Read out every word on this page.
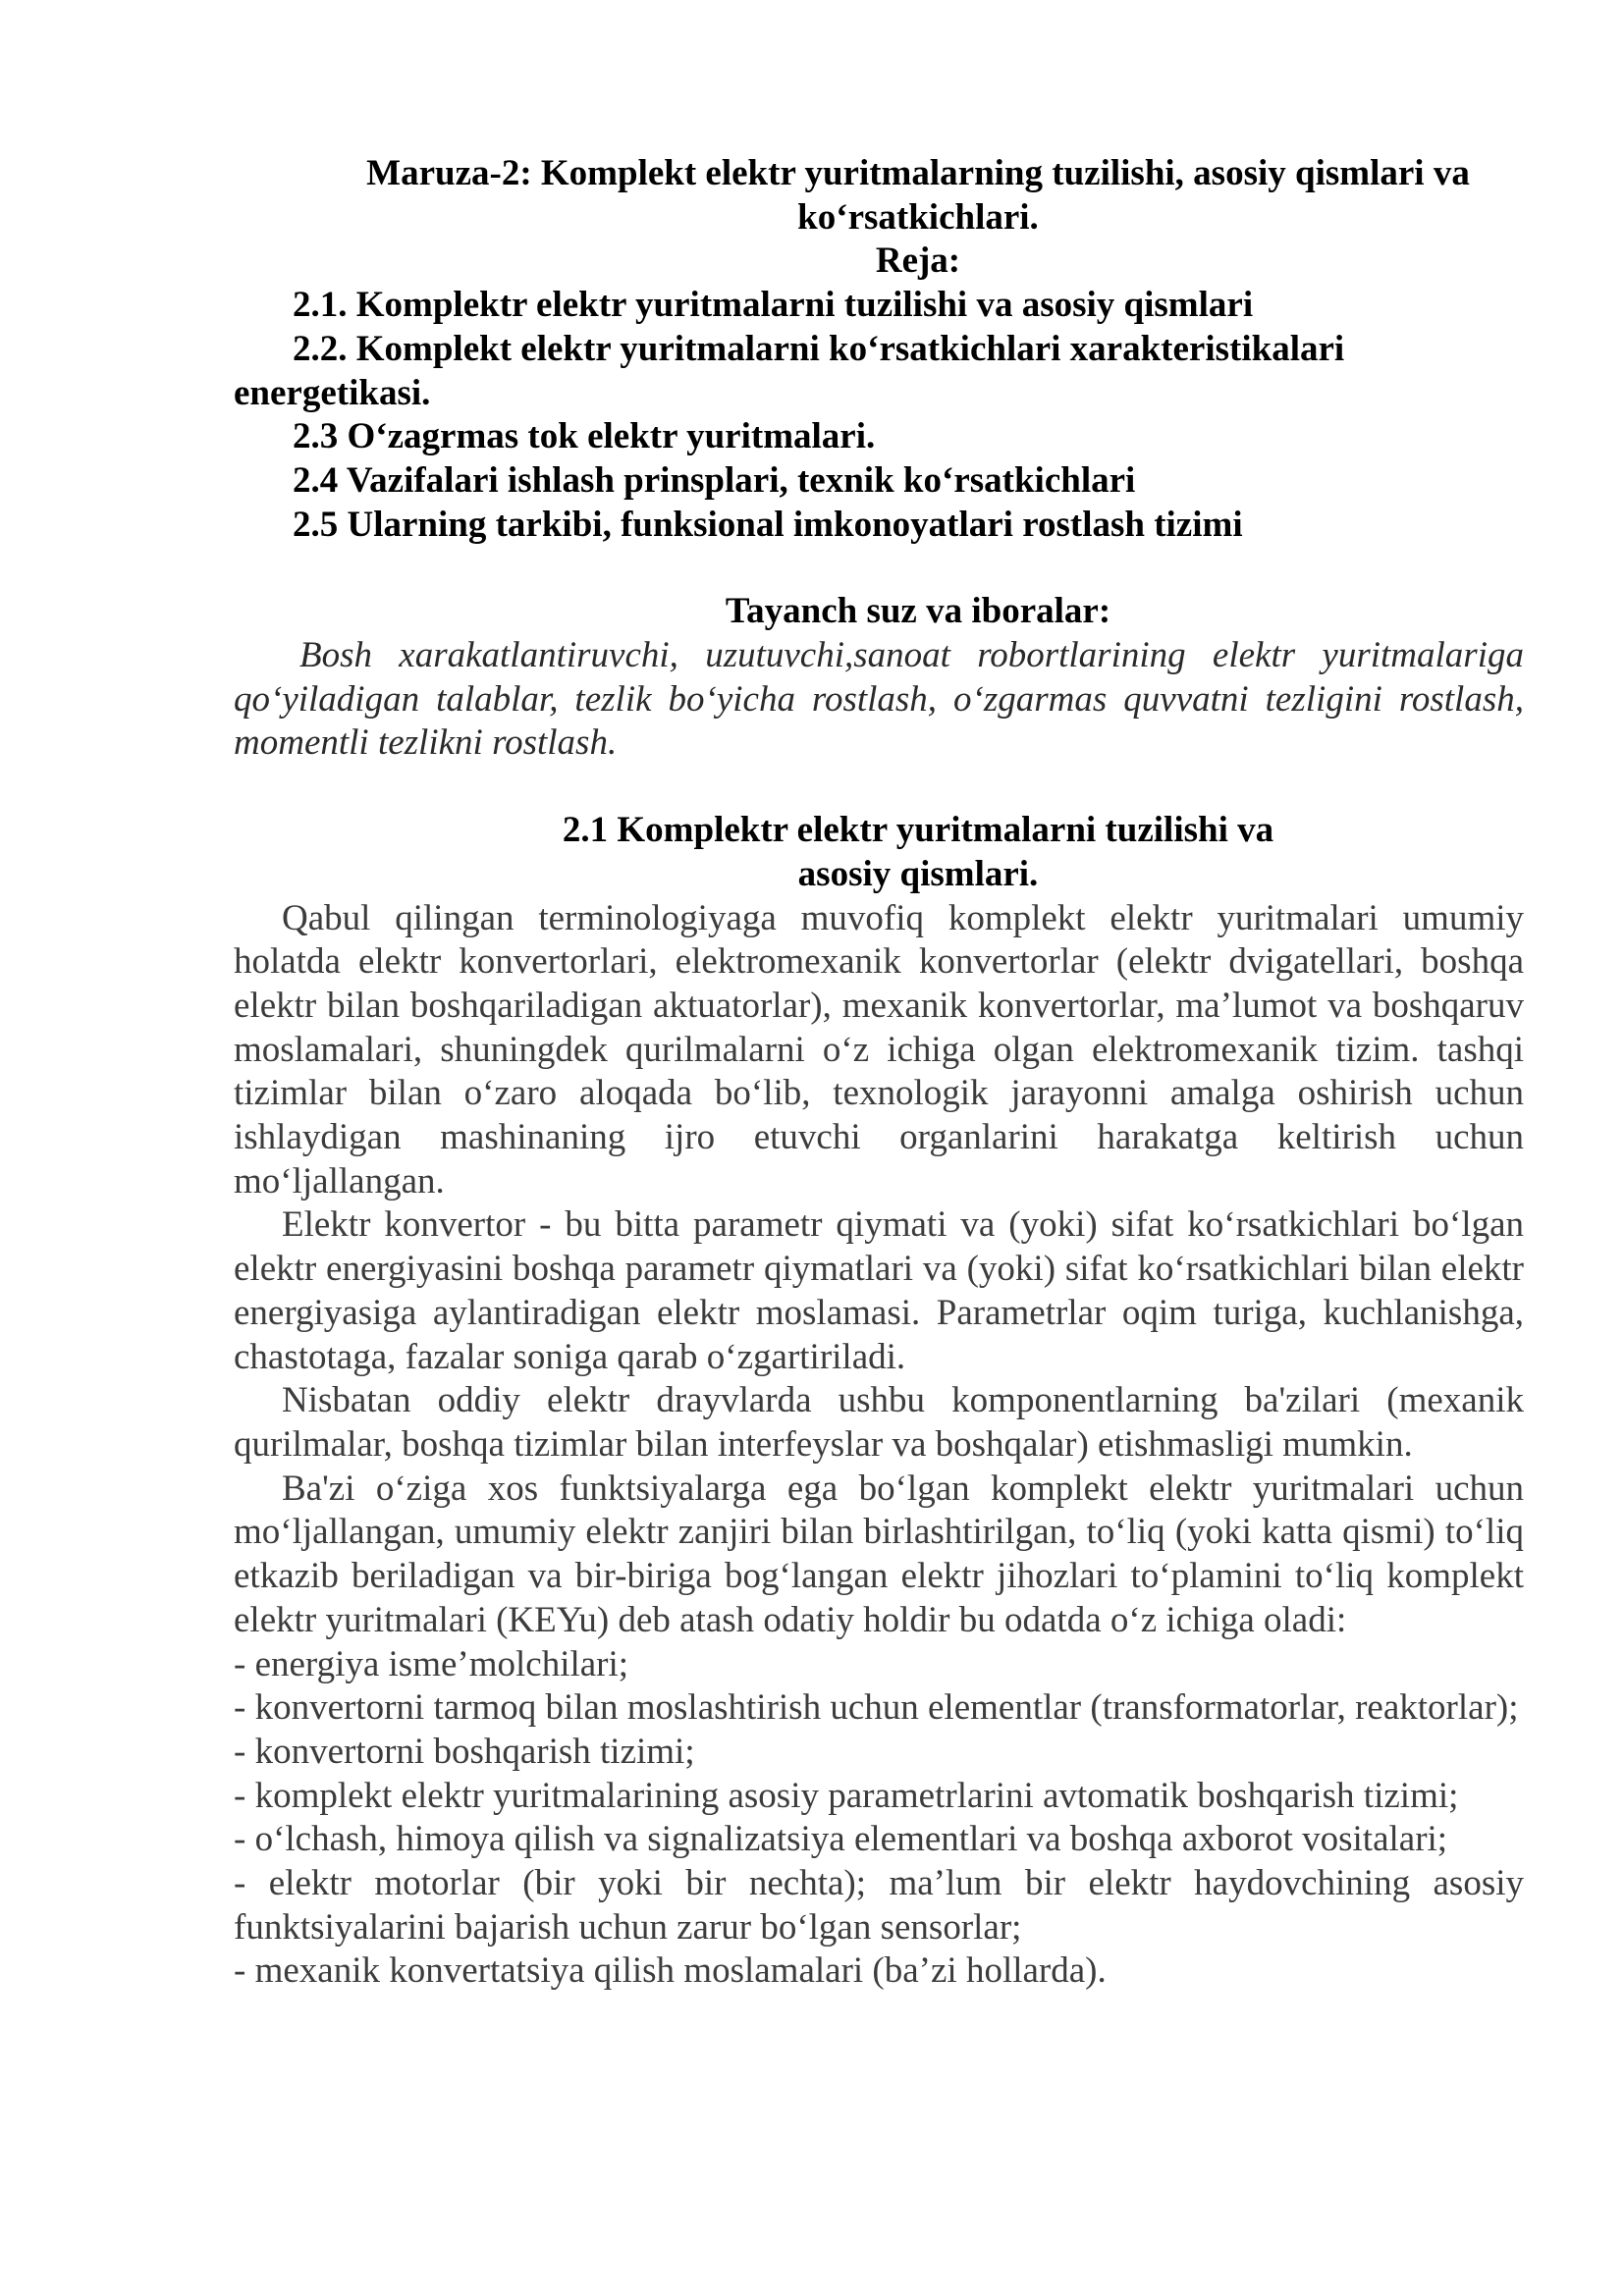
Maruza-2: Komplekt elektr yuritmalarning tuzilishi, asosiy qismlari va

ko‘rsatkichlari.

Reja:

2.1. Komplektr elektr yuritmalarni tuzilishi va asosiy qismlari

2.2. Komplekt elektr yuritmalarni ko‘rsatkichlari xarakteristikalari energetikasi.

2.3 O‘zagrmas tok elektr yuritmalari.

2.4 Vazifalari ishlash prinsplari, texnik ko‘rsatkichlari

2.5 Ularning tarkibi, funksional imkonoyatlari rostlash tizimi

Tayanch suz va iboralar:

Bosh xarakatlantiruvchi, uzutuvchi,sanoat robortlarining elektr yuritmalariga qo‘yiladigan talablar, tezlik bo‘yicha rostlash, o‘zgarmas quvvatni tezligini rostlash, momentli tezlikni rostlash.

2.1 Komplektr elektr yuritmalarni tuzilishi va

asosiy qismlari.

Qabul qilingan terminologiyaga muvofiq komplekt elektr yuritmalari umumiy holatda elektr konvertorlari, elektromexanik konvertorlar (elektr dvigatellari, boshqa elektr bilan boshqariladigan aktuatorlar), mexanik konvertorlar, ma’lumot va boshqaruv moslamalari, shuningdek qurilmalarni o‘z ichiga olgan elektromexanik tizim. tashqi tizimlar bilan o‘zaro aloqada bo‘lib, texnologik jarayonni amalga oshirish uchun ishlaydigan mashinaning ijro etuvchi organlarini harakatga keltirish uchun mo‘ljallangan.

Elektr konvertor - bu bitta parametr qiymati va (yoki) sifat ko‘rsatkichlari bo‘lgan elektr energiyasini boshqa parametr qiymatlari va (yoki) sifat ko‘rsatkichlari bilan elektr energiyasiga aylantiradigan elektr moslamasi. Parametrlar oqim turiga, kuchlanishga, chastotaga, fazalar soniga qarab o‘zgartiriladi.

Nisbatan oddiy elektr drayvlarda ushbu komponentlarning ba'zilari (mexanik qurilmalar, boshqa tizimlar bilan interfeyslar va boshqalar) etishmasligi mumkin.

Ba'zi o‘ziga xos funktsiyalarga ega bo‘lgan komplekt elektr yuritmalari uchun mo‘ljallangan, umumiy elektr zanjiri bilan birlashtirilgan, to‘liq (yoki katta qismi) to‘liq etkazib beriladigan va bir-biriga bog‘langan elektr jihozlari to‘plamini to‘liq komplekt elektr yuritmalari (KEYu) deb atash odatiy holdir bu odatda o‘z ichiga oladi:

- energiya isme’molchilari;

- konvertorni tarmoq bilan moslashtirish uchun elementlar (transformatorlar, reaktorlar);

- konvertorni boshqarish tizimi;

- komplekt elektr yuritmalarining asosiy parametrlarini avtomatik boshqarish tizimi;

- o‘lchash, himoya qilish va signalizatsiya elementlari va boshqa axborot vositalari;

- elektr motorlar (bir yoki bir nechta); ma’lum bir elektr haydovchining asosiy funktsiyalarini bajarish uchun zarur bo‘lgan sensorlar;

- mexanik konvertatsiya qilish moslamalari (ba’zi hollarda).
